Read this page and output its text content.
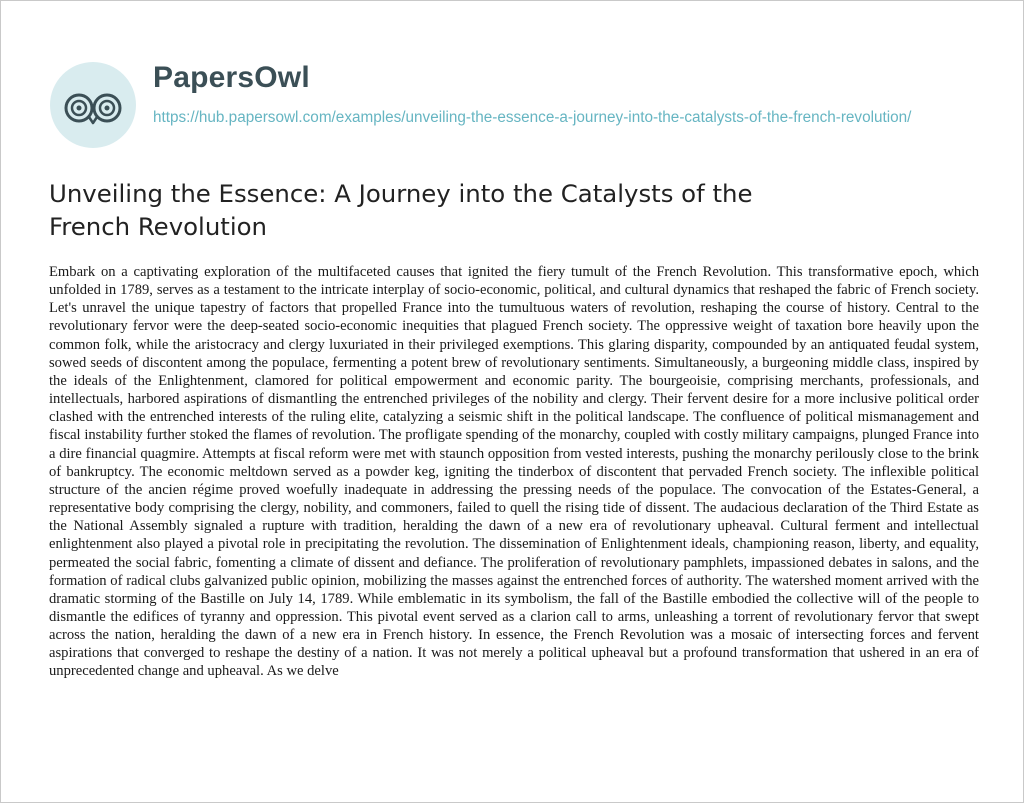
PapersOwl
https://hub.papersowl.com/examples/unveiling-the-essence-a-journey-into-the-catalysts-of-the-french-revolution/
Unveiling the Essence: A Journey into the Catalysts of the French Revolution

Embark on a captivating exploration of the multifaceted causes that ignited the fiery tumult of the French Revolution. This transformative epoch, which unfolded in 1789, serves as a testament to the intricate interplay of socio-economic, political, and cultural dynamics that reshaped the fabric of French society. Let's unravel the unique tapestry of factors that propelled France into the tumultuous waters of revolution, reshaping the course of history. Central to the revolutionary fervor were the deep-seated socio-economic inequities that plagued French society. The oppressive weight of taxation bore heavily upon the common folk, while the aristocracy and clergy luxuriated in their privileged exemptions. This glaring disparity, compounded by an antiquated feudal system, sowed seeds of discontent among the populace, fermenting a potent brew of revolutionary sentiments. Simultaneously, a burgeoning middle class, inspired by the ideals of the Enlightenment, clamored for political empowerment and economic parity. The bourgeoisie, comprising merchants, professionals, and intellectuals, harbored aspirations of dismantling the entrenched privileges of the nobility and clergy. Their fervent desire for a more inclusive political order clashed with the entrenched interests of the ruling elite, catalyzing a seismic shift in the political landscape. The confluence of political mismanagement and fiscal instability further stoked the flames of revolution. The profligate spending of the monarchy, coupled with costly military campaigns, plunged France into a dire financial quagmire. Attempts at fiscal reform were met with staunch opposition from vested interests, pushing the monarchy perilously close to the brink of bankruptcy. The economic meltdown served as a powder keg, igniting the tinderbox of discontent that pervaded French society. The inflexible political structure of the ancien régime proved woefully inadequate in addressing the pressing needs of the populace. The convocation of the Estates-General, a representative body comprising the clergy, nobility, and commoners, failed to quell the rising tide of dissent. The audacious declaration of the Third Estate as the National Assembly signaled a rupture with tradition, heralding the dawn of a new era of revolutionary upheaval. Cultural ferment and intellectual enlightenment also played a pivotal role in precipitating the revolution. The dissemination of Enlightenment ideals, championing reason, liberty, and equality, permeated the social fabric, fomenting a climate of dissent and defiance. The proliferation of revolutionary pamphlets, impassioned debates in salons, and the formation of radical clubs galvanized public opinion, mobilizing the masses against the entrenched forces of authority. The watershed moment arrived with the dramatic storming of the Bastille on July 14, 1789. While emblematic in its symbolism, the fall of the Bastille embodied the collective will of the people to dismantle the edifices of tyranny and oppression. This pivotal event served as a clarion call to arms, unleashing a torrent of revolutionary fervor that swept across the nation, heralding the dawn of a new era in French history. In essence, the French Revolution was a mosaic of intersecting forces and fervent aspirations that converged to reshape the destiny of a nation. It was not merely a political upheaval but a profound transformation that ushered in an era of unprecedented change and upheaval. As we delve
